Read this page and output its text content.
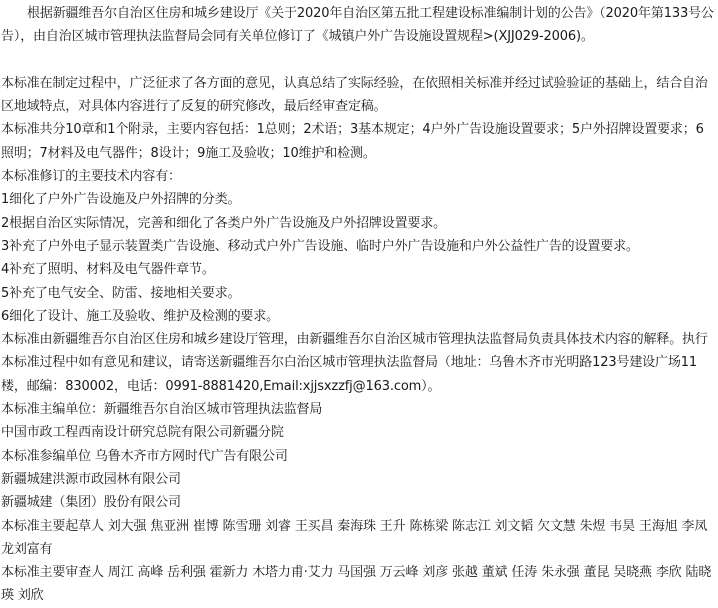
根据新疆维吾尔自治区住房和城乡建设厅《关于2020年自治区第五批工程建设标准编制计划的公告》（2020年第133号公告），由自治区城市管理执法监督局会同有关单位修订了《城镇户外广告设施设置规程>(XJJ029-2006)。

本标准在制定过程中，广泛征求了各方面的意见，认真总结了实际经验，在依照相关标准并经过试验验证的基础上，结合自治区地域特点，对具体内容进行了反复的研究修改，最后经审查定稿。

本标准共分10章和1个附录，主要内容包括：1总则；2术语；3基本规定；4户外广告设施设置要求；5户外招牌设置要求；6照明；7材料及电气器件；8设计；9施工及验收；10维护和检测。

本标准修订的主要技术内容有：

1细化了户外广告设施及户外招牌的分类。

2根据自治区实际情况，完善和细化了各类户外广告设施及户外招牌设置要求。

3补充了户外电子显示装置类广告设施、移动式户外广告设施、临时户外广告设施和户外公益性广告的设置要求。

4补充了照明、材料及电气器件章节。

5补充了电气安全、防雷、接地相关要求。

6细化了设计、施工及验收、维护及检测的要求。

本标准由新疆维吾尔自治区住房和城乡建设厅管理，由新疆维吾尔自治区城市管理执法监督局负责具体技术内容的解释。执行本标准过程中如有意见和建议，请寄送新疆维吾尔白治区城市管理执法监督局（地址：乌鲁木齐市光明路123号建设广场11楼，邮编：830002，电话：0991-8881420,Email:xjjsxzzfj@163.com）。

本标准主编单位：新疆维吾尔自治区城市管理执法监督局

中国市政工程西南设计研究总院有限公司新疆分院

本标准参编单位 乌鲁木齐市方网时代广告有限公司

新疆城建洪源市政园林有限公司

新疆城建（集团）股份有限公司

本标准主要起草人 刘大强 焦亚洲 崔博 陈雪珊 刘睿 王买昌 秦海珠 王升 陈栋梁 陈志江 刘文韬 欠文慧 朱煜 韦昊 王海旭 李凤龙刘富有

本标准主要审查人 周江 高峰 岳利强 霍新力 木塔力甫·艾力 马国强 万云峰 刘彦 张越 董斌 任涛 朱永强 董昆 吴晓燕 李欣 陆晓瑛 刘欣
